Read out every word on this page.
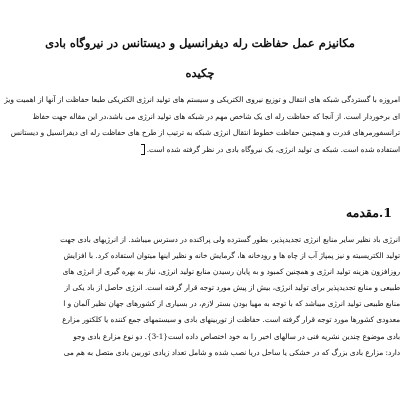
مکانیزم عمل حفاظت رله دیفرانسیل و دیستانس در نیروگاه بادی
چکیده
امروزه با گستردگی شبکه های انتقال و توزیع نیروی الکتریکی و سیستم های تولید انرژی الکتریکی طبعا حفاظت از آنها از اهمیت ویژ
ای برخوردار است. از آنجا که حفاظت رله ای یک شاخص مهم در شبکه های تولید انرژی می باشد،در این مقاله جهت حفاظ
ترانسفورمرهای قدرت و همچنین حفاظت خطوط انتقال انرژی شبکه به ترتیب از طرح های حفاظت رله ای دیفرانسیل و دیستانس
استفاده شده است. شبکه ی تولید انرژی، یک نیروگاه بادی در نظر گرفته شده است.
1.مقدمه
انرژی باد نظیر سایر منابع انرژی تجدیدپذیر، بطور گسترده ولی پراکنده در دسترس میباشد. از انرژیهای بادی جهت
تولید الکتریسیته و نیز پمپاژ آب از چاه ها و رودخانه ها، گرمایش خانه و نظیر اینها میتوان استفاده کرد. با افزایش
روزافزون هزینه تولید انرژی و همچنین کمبود و به پایان رسیدن منابع تولید انرژی، نیاز به بهره گیری از انرژی های
طبیعی و منابع تجدیدپذیر برای تولید انرژی، بیش از پیش مورد توجه قرار گرفته است. انرژی حاصل از باد یکی از
منابع طبیعی تولید انرژی میباشد که با توجه به مهیا بودن بستر لازم، در بسیاری از کشورهای جهان نظیر آلمان و ا
معدودی کشورها مورد توجه قرار گرفته است. حفاظت از توربینهای بادی و سیستمهای جمع کننده یا کلکتور مزارع
بادی موضوع چندین نشریه فنی در سالهای اخیر را به خود اختصاص داده است{1-3}. دو نوع مزارع بادی وجو
دارد: مزارع بادی بزرگ که در خشکی یا ساحل دریا نصب شده و شامل تعداد زیادی توربین بادی متصل به هم می
